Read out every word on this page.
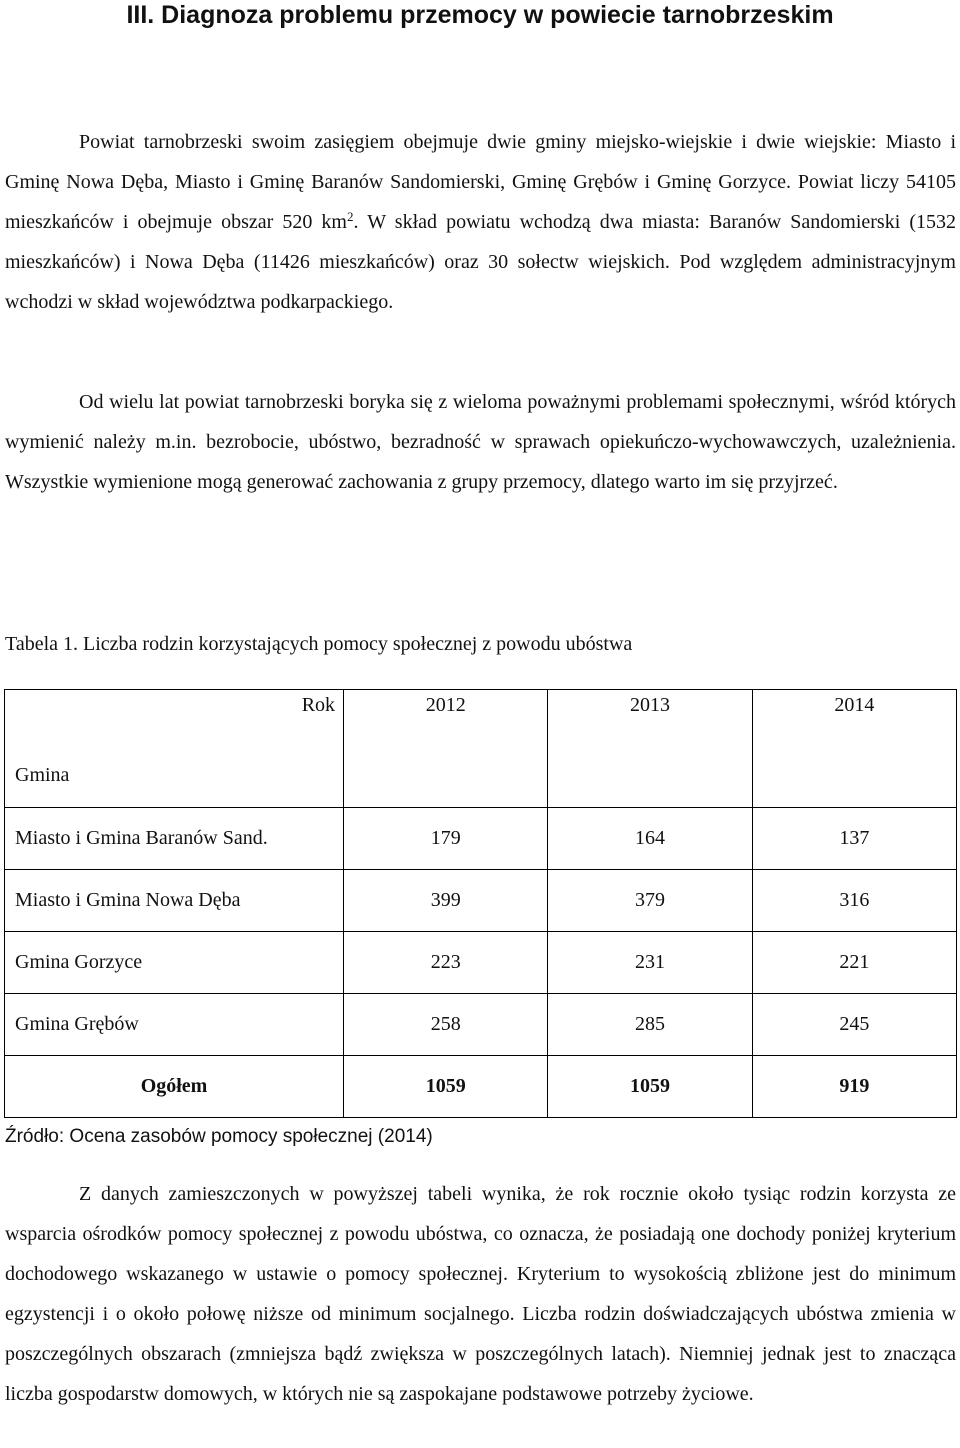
III. Diagnoza problemu przemocy w powiecie tarnobrzeskim

Powiat tarnobrzeski swoim zasięgiem obejmuje dwie gminy miejsko-wiejskie i dwie wiejskie: Miasto i Gminę Nowa Dęba, Miasto i Gminę Baranów Sandomierski, Gminę Grębów i Gminę Gorzyce. Powiat liczy 54105 mieszkańców i obejmuje obszar 520 $km^2$. W skład powiatu wchodzą dwa miasta: Baranów Sandomierski (1532 mieszkańców) i Nowa Dęba (11426 mieszkańców) oraz 30 sołectw wiejskich. Pod względem administracyjnym wchodzi w skład województwa podkarpackiego.

Od wielu lat powiat tarnobrzeski boryka się z wieloma poważnymi problemami społecznymi, wśród których wymienić należy m.in. bezrobocie, ubóstwo, bezradność w sprawach opiekuńczo-wychowawczych, uzależnienia. Wszystkie wymienione mogą generować zachowania z grupy przemocy, dlatego warto im się przyjrzeć.

Tabela 1. Liczba rodzin korzystających pomocy społecznej z powodu ubóstwa
Rok
Gmina	2012	2013	2014
Miasto i Gmina Baranów Sand.	179	164	137
Miasto i Gmina Nowa Dęba	399	379	316
Gmina Gorzyce	223	231	221
Gmina Grębów	258	285	245
Ogółem	1059	1059	919
Źródło: Ocena zasobów pomocy społecznej (2014)

Z danych zamieszczonych w powyższej tabeli wynika, że rok rocznie około tysiąc rodzin korzysta ze wsparcia ośrodków pomocy społecznej z powodu ubóstwa, co oznacza, że posiadają one dochody poniżej kryterium dochodowego wskazanego w ustawie o pomocy społecznej. Kryterium to wysokością zbliżone jest do minimum egzystencji i o około połowę niższe od minimum socjalnego. Liczba rodzin doświadczających ubóstwa zmienia w poszczególnych obszarach (zmniejsza bądź zwiększa w poszczególnych latach). Niemniej jednak jest to znacząca liczba gospodarstw domowych, w których nie są zaspokajane podstawowe potrzeby życiowe.
